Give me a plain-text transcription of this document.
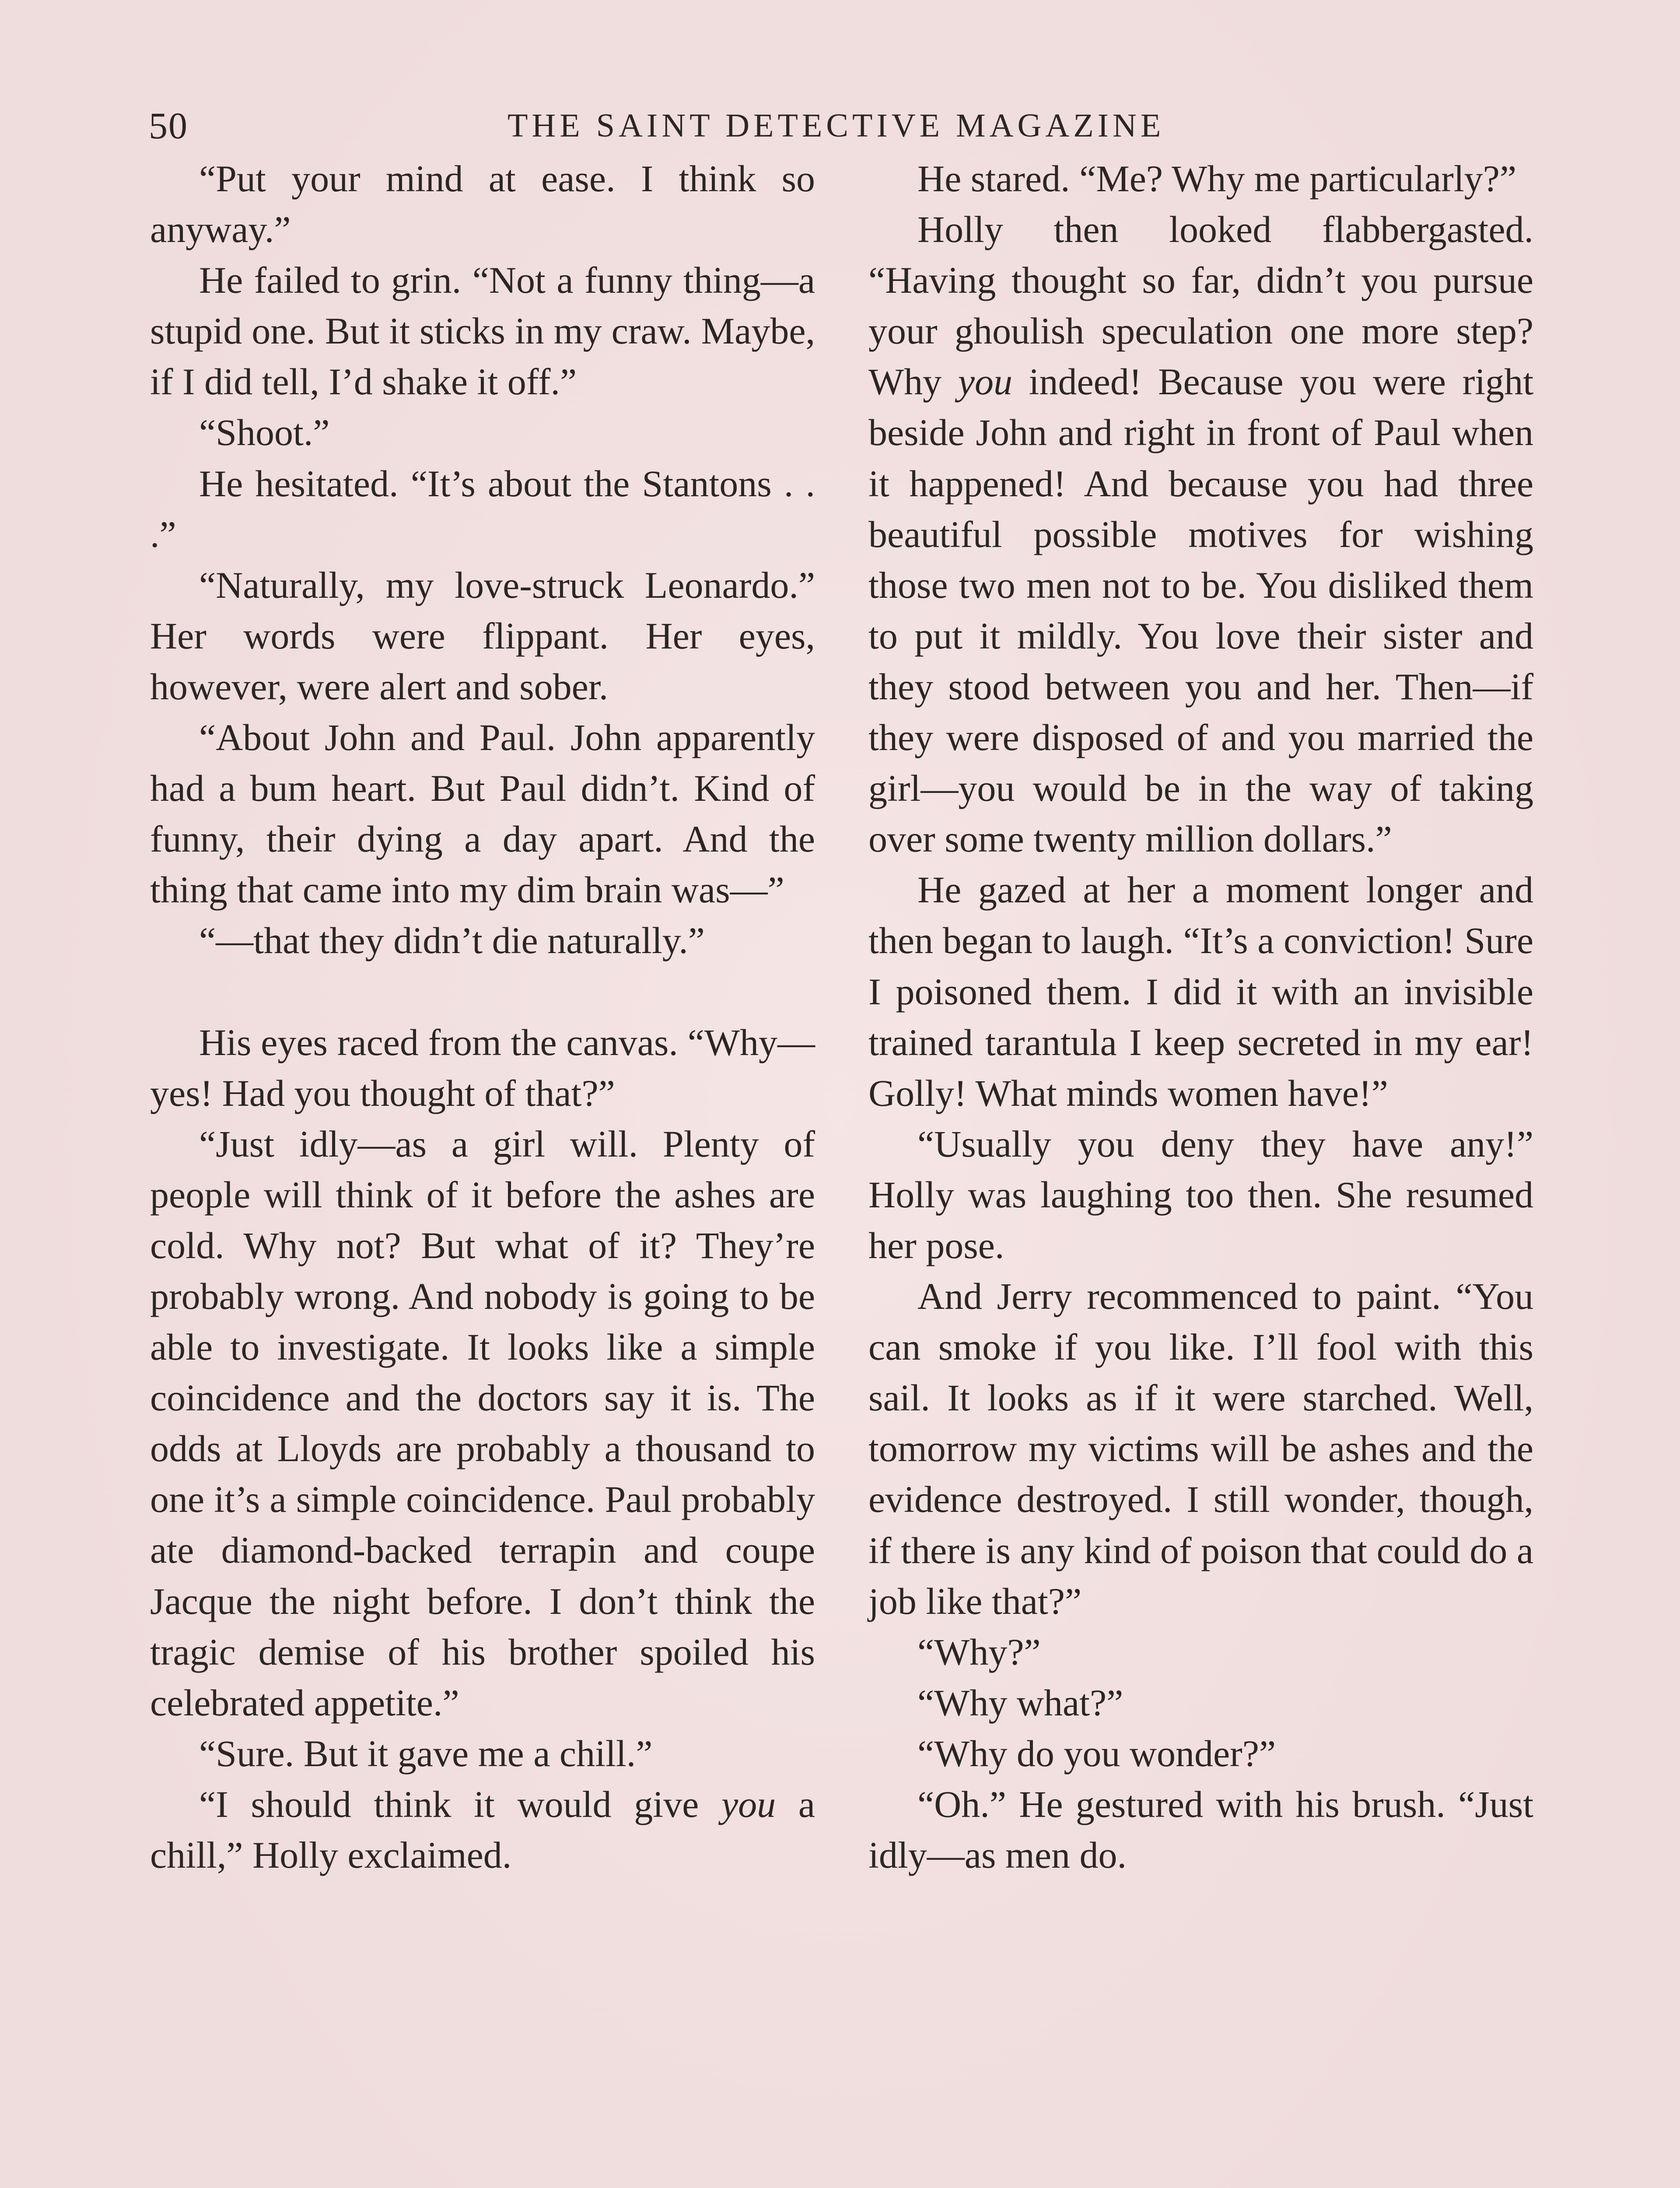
50	THE SAINT DETECTIVE MAGAZINE

“Put your mind at ease. I think so anyway.”

He failed to grin. “Not a funny thing—a stupid one. But it sticks in my craw. Maybe, if I did tell, I’d shake it off.”

“Shoot.”

He hesitated. “It’s about the Stantons . . .”

“Naturally, my love-struck Leonardo.” Her words were flippant. Her eyes, however, were alert and sober.

“About John and Paul. John apparently had a bum heart. But Paul didn’t. Kind of funny, their dying a day apart. And the thing that came into my dim brain was—”

“—that they didn’t die naturally.”

His eyes raced from the canvas. “Why—yes! Had you thought of that?”

“Just idly—as a girl will. Plenty of people will think of it before the ashes are cold. Why not? But what of it? They’re probably wrong. And nobody is going to be able to investigate. It looks like a simple coincidence and the doctors say it is. The odds at Lloyds are probably a thousand to one it’s a simple coincidence. Paul probably ate diamond-backed terrapin and coupe Jacque the night before. I don’t think the tragic demise of his brother spoiled his celebrated appetite.”

“Sure. But it gave me a chill.”

“I should think it would give you a chill,” Holly exclaimed.

He stared. “Me? Why me particularly?”

Holly then looked flabbergasted. “Having thought so far, didn’t you pursue your ghoulish speculation one more step? Why you indeed! Because you were right beside John and right in front of Paul when it happened! And because you had three beautiful possible motives for wishing those two men not to be. You disliked them to put it mildly. You love their sister and they stood between you and her. Then—if they were disposed of and you married the girl—you would be in the way of taking over some twenty million dollars.”

He gazed at her a moment longer and then began to laugh. “It’s a conviction! Sure I poisoned them. I did it with an invisible trained tarantula I keep secreted in my ear! Golly! What minds women have!”

“Usually you deny they have any!” Holly was laughing too then. She resumed her pose.

And Jerry recommenced to paint. “You can smoke if you like. I’ll fool with this sail. It looks as if it were starched. Well, tomorrow my victims will be ashes and the evidence destroyed. I still wonder, though, if there is any kind of poison that could do a job like that?”

“Why?”

“Why what?”

“Why do you wonder?”

“Oh.” He gestured with his brush. “Just idly—as men do.
